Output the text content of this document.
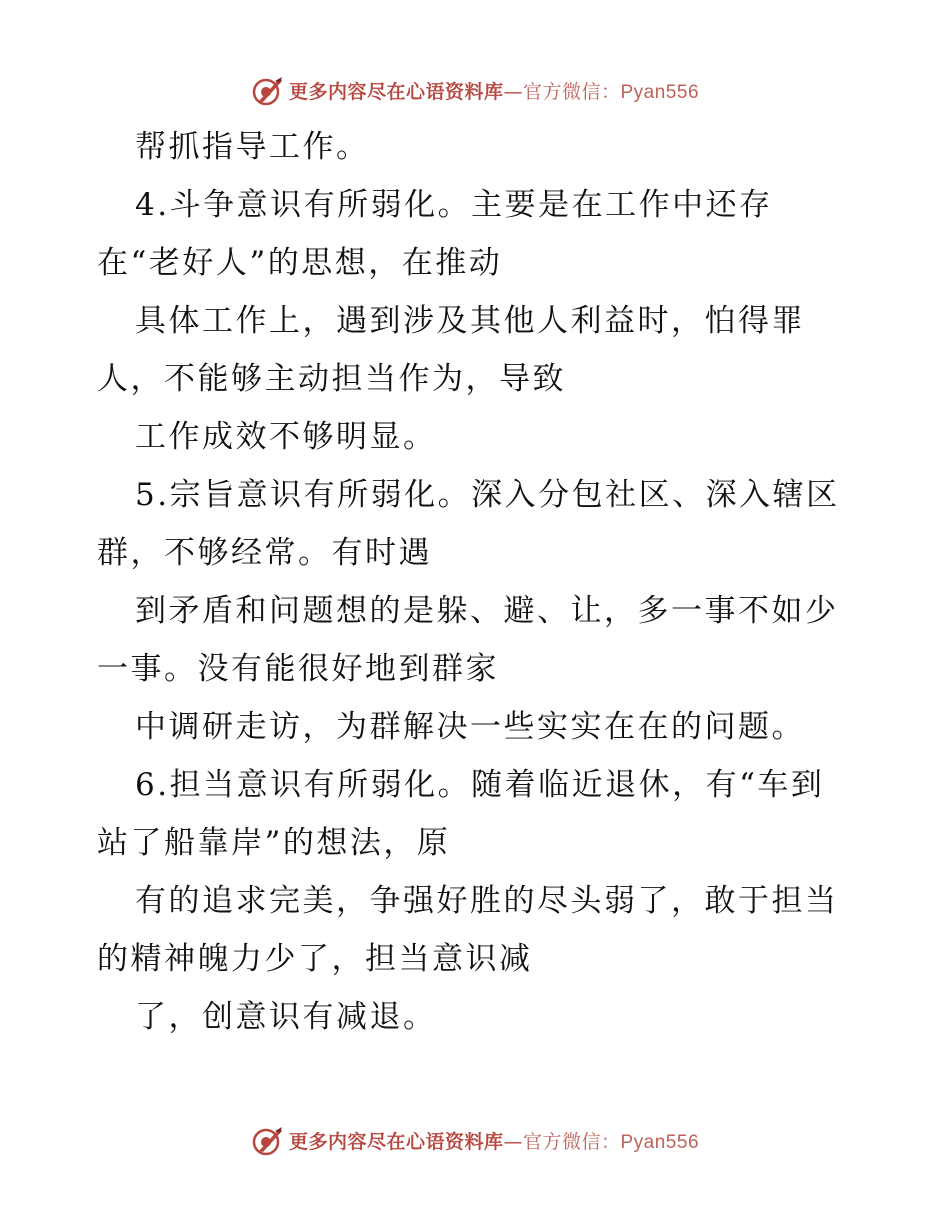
更多内容尽在心语资料库—官方微信：Pyan556
帮抓指导工作。
4.斗争意识有所弱化。主要是在工作中还存
在“老好人”的思想，在推动
具体工作上，遇到涉及其他人利益时，怕得罪
人，不能够主动担当作为，导致
工作成效不够明显。
5.宗旨意识有所弱化。深入分包社区、深入辖区
群，不够经常。有时遇
到矛盾和问题想的是躲、避、让，多一事不如少
一事。没有能很好地到群家
中调研走访，为群解决一些实实在在的问题。
6.担当意识有所弱化。随着临近退休，有“车到
站了船靠岸”的想法，原
有的追求完美，争强好胜的尽头弱了，敢于担当
的精神魄力少了，担当意识减
了，创意识有减退。
更多内容尽在心语资料库—官方微信：Pyan556
